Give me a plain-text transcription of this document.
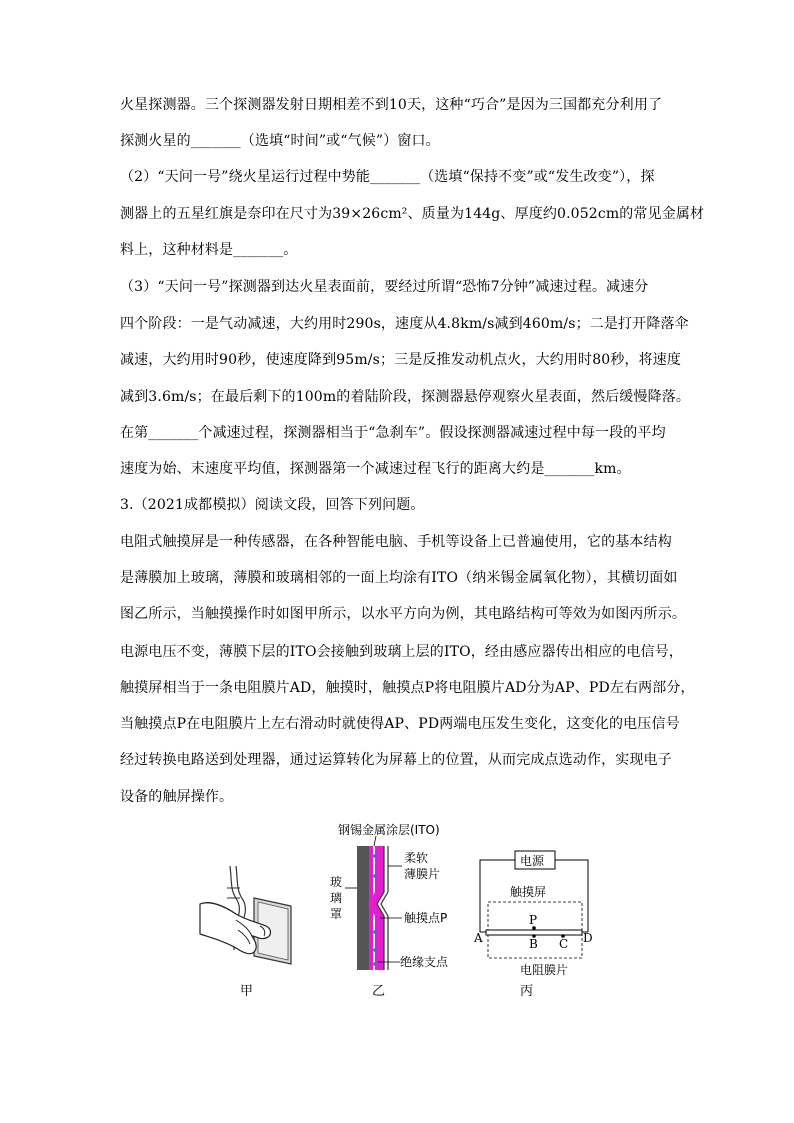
火星探测器。三个探测器发射日期相差不到10天，这种“巧合”是因为三国都充分利用了
探测火星的_______（选填“时间”或“气候”）窗口。
（2）“天问一号”绕火星运行过程中势能_______（选填“保持不变”或“发生改变”），探
测器上的五星红旗是奈印在尺寸为39×26cm²、质量为144g、厚度约0.052cm的常见金属材
料上，这种材料是_______。
（3）“天问一号”探测器到达火星表面前，要经过所谓“恐怖7分钟”减速过程。减速分
四个阶段：一是气动减速，大约用时290s，速度从4.8km/s减到460m/s；二是打开降落伞
减速，大约用时90秒，使速度降到95m/s；三是反推发动机点火，大约用时80秒，将速度
减到3.6m/s；在最后剩下的100m的着陆阶段，探测器悬停观察火星表面，然后缓慢降落。
在第_______个减速过程，探测器相当于“急刹车”。假设探测器减速过程中每一段的平均
速度为始、末速度平均值，探测器第一个减速过程飞行的距离大约是_______km。
3.（2021成都模拟）阅读文段，回答下列问题。
电阻式触摸屏是一种传感器，在各种智能电脑、手机等设备上已普遍使用，它的基本结构
是薄膜加上玻璃，薄膜和玻璃相邻的一面上均涂有ITO（纳米锡金属氧化物），其横切面如
图乙所示，当触摸操作时如图甲所示，以水平方向为例，其电路结构可等效为如图丙所示。
电源电压不变，薄膜下层的ITO会接触到玻璃上层的ITO，经由感应器传出相应的电信号，
触摸屏相当于一条电阻膜片AD，触摸时，触摸点P将电阻膜片AD分为AP、PD左右两部分，
当触摸点P在电阻膜片上左右滑动时就使得AP、PD两端电压发生变化，这变化的电压信号
经过转换电路送到处理器，通过运算转化为屏幕上的位置，从而完成点选动作，实现电子
设备的触屏操作。
钢锡金属涂层(ITO)
玻
璃
罩
柔软
薄膜片
触摸点P
绝缘支点
电源
触摸屏
P
A	B C D
电阻膜片
甲	乙	丙
